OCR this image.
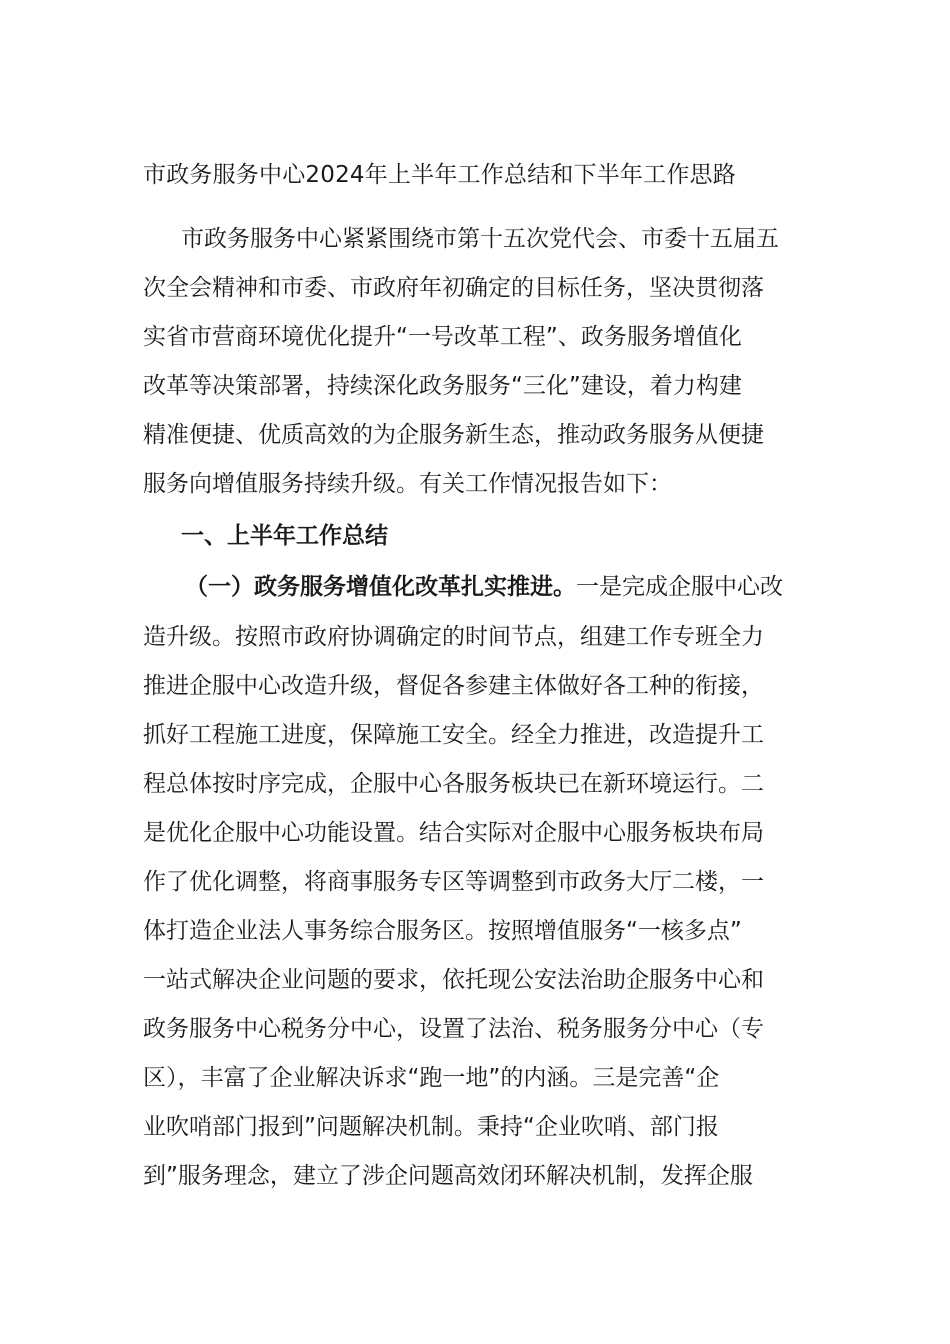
市政务服务中心2024年上半年工作总结和下半年工作思路
市政务服务中心紧紧围绕市第十五次党代会、市委十五届五
次全会精神和市委、市政府年初确定的目标任务，坚决贯彻落
实省市营商环境优化提升“一号改革工程”、政务服务增值化
改革等决策部署，持续深化政务服务“三化”建设，着力构建
精准便捷、优质高效的为企服务新生态，推动政务服务从便捷
服务向增值服务持续升级。有关工作情况报告如下：
一、上半年工作总结
（一）政务服务增值化改革扎实推进。一是完成企服中心改
造升级。按照市政府协调确定的时间节点，组建工作专班全力
推进企服中心改造升级，督促各参建主体做好各工种的衔接，
抓好工程施工进度，保障施工安全。经全力推进，改造提升工
程总体按时序完成，企服中心各服务板块已在新环境运行。二
是优化企服中心功能设置。结合实际对企服中心服务板块布局
作了优化调整，将商事服务专区等调整到市政务大厅二楼，一
体打造企业法人事务综合服务区。按照增值服务“一核多点”
一站式解决企业问题的要求，依托现公安法治助企服务中心和
政务服务中心税务分中心，设置了法治、税务服务分中心（专
区），丰富了企业解决诉求“跑一地”的内涵。三是完善“企
业吹哨部门报到”问题解决机制。秉持“企业吹哨、部门报
到”服务理念，建立了涉企问题高效闭环解决机制，发挥企服
